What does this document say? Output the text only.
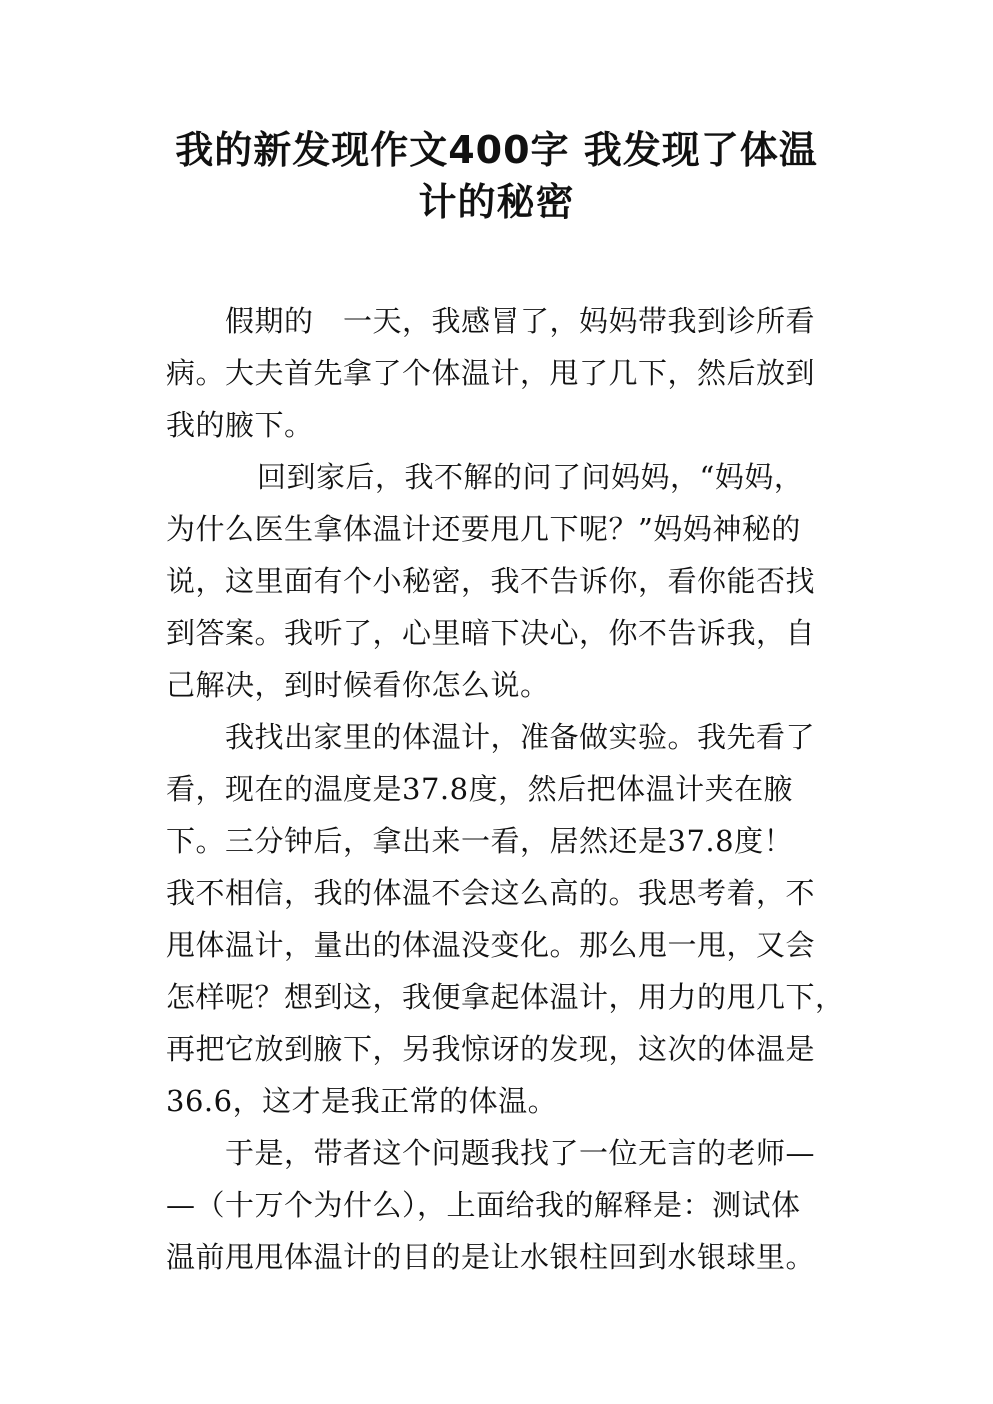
我的新发现作文400字 我发现了体温
计的秘密

假期的　一天，我感冒了，妈妈带我到诊所看

病。大夫首先拿了个体温计，甩了几下，然后放到

我的腋下。

回到家后，我不解的问了问妈妈，“妈妈，

为什么医生拿体温计还要甩几下呢？”妈妈神秘的

说，这里面有个小秘密，我不告诉你，看你能否找

到答案。我听了，心里暗下决心，你不告诉我，自

己解决，到时候看你怎么说。

我找出家里的体温计，准备做实验。我先看了

看，现在的温度是37.8度，然后把体温计夹在腋

下。三分钟后，拿出来一看，居然还是37.8度！

我不相信，我的体温不会这么高的。我思考着，不

甩体温计，量出的体温没变化。那么甩一甩，又会

怎样呢？想到这，我便拿起体温计，用力的甩几下，

再把它放到腋下，另我惊讶的发现，这次的体温是

36.6，这才是我正常的体温。

于是，带者这个问题我找了一位无言的老师—

—（十万个为什么），上面给我的解释是：测试体

温前甩甩体温计的目的是让水银柱回到水银球里。
